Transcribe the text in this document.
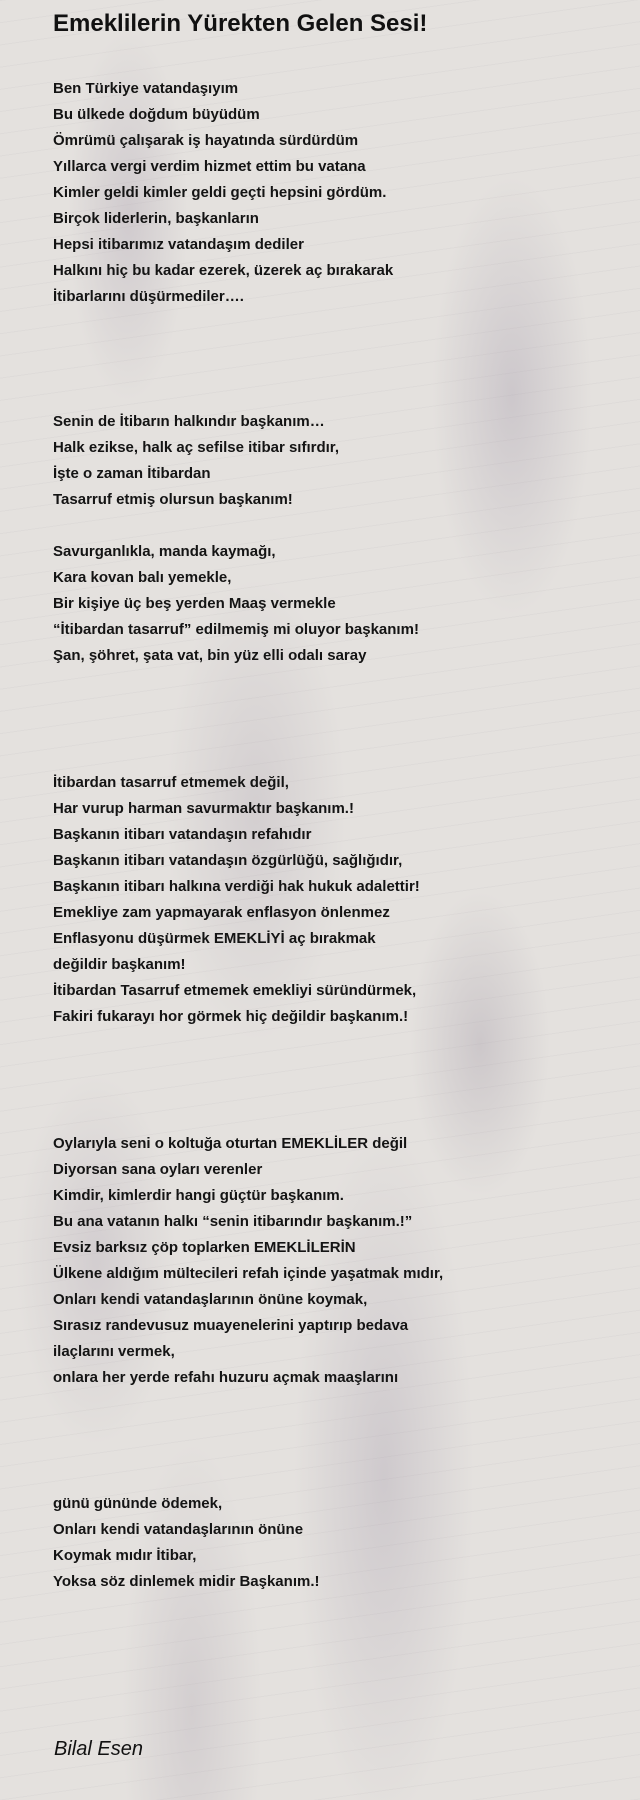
Emeklilerin Yürekten Gelen Sesi!
Ben Türkiye vatandaşıyım
Bu ülkede doğdum büyüdüm
Ömrümü çalışarak iş hayatında sürdürdüm
Yıllarca vergi verdim hizmet ettim bu vatana
Kimler geldi kimler geldi geçti hepsini gördüm.
Birçok liderlerin, başkanların
Hepsi itibarımız vatandaşım dediler
Halkını hiç bu kadar ezerek, üzerek aç bırakarak
İtibarlarını düşürmediler….
Senin de İtibarın halkındır başkanım…
Halk ezikse, halk aç sefilse itibar sıfırdır,
İşte o zaman İtibardan
Tasarruf etmiş olursun başkanım!
Savurganlıkla, manda kaymağı,
Kara kovan balı yemekle,
Bir kişiye üç beş yerden Maaş vermekle
“İtibardan tasarruf” edilmemiş mi oluyor başkanım!
Şan, şöhret, şata vat, bin yüz elli odalı saray
İtibardan tasarruf etmemek değil,
Har vurup harman savurmaktır başkanım.!
Başkanın itibarı vatandaşın refahıdır
Başkanın itibarı vatandaşın özgürlüğü, sağlığıdır,
Başkanın itibarı halkına verdiği hak hukuk adalettir!
Emekliye zam yapmayarak enflasyon önlenmez
Enflasyonu düşürmek EMEKLİYİ aç bırakmak
değildir başkanım!
İtibardan Tasarruf etmemek emekliyi süründürmek,
Fakiri fukarayı hor görmek hiç değildir başkanım.!
Oylarıyla seni o koltuğa oturtan EMEKLİLER değil
Diyorsan sana oyları verenler
Kimdir, kimlerdir hangi güçtür başkanım.
Bu ana vatanın halkı “senin itibarındır başkanım.!”
Evsiz barksız çöp toplarken EMEKLİLERİN
Ülkene aldığım mültecileri refah içinde yaşatmak mıdır,
Onları kendi vatandaşlarının önüne koymak,
Sırasız randevusuz muayenelerini yaptırıp bedava
ilaçlarını vermek,
onlara her yerde refahı huzuru açmak maaşlarını
günü gününde ödemek,
Onları kendi vatandaşlarının önüne
Koymak mıdır İtibar,
Yoksa söz dinlemek midir Başkanım.!
Bilal Esen
